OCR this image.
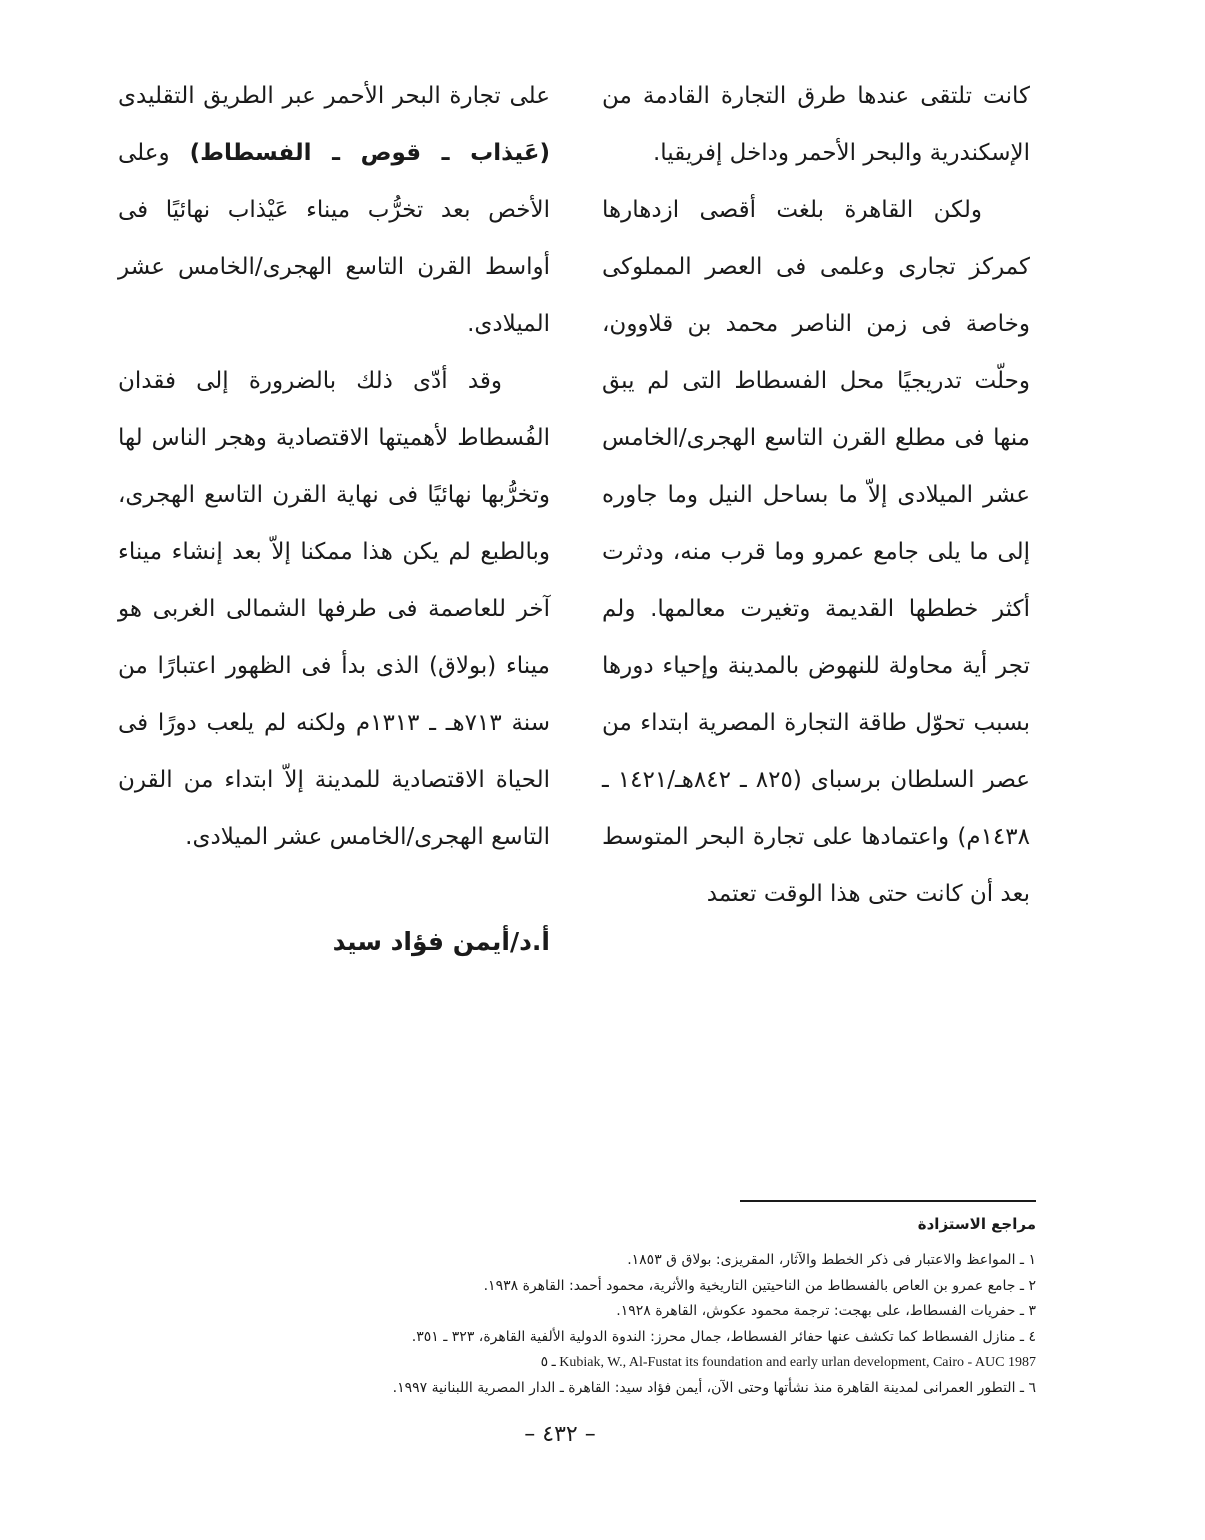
كانت تلتقى عندها طرق التجارة القادمة من الإسكندرية والبحر الأحمر وداخل إفريقيا.

ولكن القاهرة بلغت أقصى ازدهارها كمركز تجارى وعلمى فى العصر المملوكى وخاصة فى زمن الناصر محمد بن قلاوون، وحلّت تدريجيًا محل الفسطاط التى لم يبق منها فى مطلع القرن التاسع الهجرى/الخامس عشر الميلادى إلاّ ما بساحل النيل وما جاوره إلى ما يلى جامع عمرو وما قرب منه، ودثرت أكثر خططها القديمة وتغيرت معالمها. ولم تجر أية محاولة للنهوض بالمدينة وإحياء دورها بسبب تحوّل طاقة التجارة المصرية ابتداء من عصر السلطان برسباى (٨٢٥ ـ ٨٤٢هـ/١٤٢١ ـ ١٤٣٨م) واعتمادها على تجارة البحر المتوسط بعد أن كانت حتى هذا الوقت تعتمد

على تجارة البحر الأحمر عبر الطريق التقليدى (عَيذاب ـ قوص ـ الفسطاط) وعلى الأخص بعد تخرُّب ميناء عَيْذاب نهائيًا فى أواسط القرن التاسع الهجرى/الخامس عشر الميلادى.

وقد أدّى ذلك بالضرورة إلى فقدان الفُسطاط لأهميتها الاقتصادية وهجر الناس لها وتخرُّبها نهائيًا فى نهاية القرن التاسع الهجرى، وبالطبع لم يكن هذا ممكنا إلاّ بعد إنشاء ميناء آخر للعاصمة فى طرفها الشمالى الغربى هو ميناء (بولاق) الذى بدأ فى الظهور اعتبارًا من سنة ٧١٣هـ ـ ١٣١٣م ولكنه لم يلعب دورًا فى الحياة الاقتصادية للمدينة إلاّ ابتداء من القرن التاسع الهجرى/الخامس عشر الميلادى.

أ.د/أيمن فؤاد سيد
مراجع الاستزادة
١ ـ المواعظ والاعتبار فى ذكر الخطط والآثار، المقريزى: بولاق ق ١٨٥٣.
٢ ـ جامع عمرو بن العاص بالفسطاط من الناحيتين التاريخية والأثرية، محمود أحمد: القاهرة ١٩٣٨.
٣ ـ حفريات الفسطاط، على بهجت: ترجمة محمود عكوش، القاهرة ١٩٢٨.
٤ ـ منازل الفسطاط كما تكشف عنها حفائر الفسطاط، جمال محرز: الندوة الدولية الألفية القاهرة، ٣٢٣ ـ ٣٥١.
Kubiak, W., Al-Fustat its foundation and early urlan development, Cairo - AUC 1987 ـ ٥
٦ ـ التطور العمرانى لمدينة القاهرة منذ نشأتها وحتى الآن، أيمن فؤاد سيد: القاهرة ـ الدار المصرية اللبنانية ١٩٩٧.
– ٤٣٢ –
